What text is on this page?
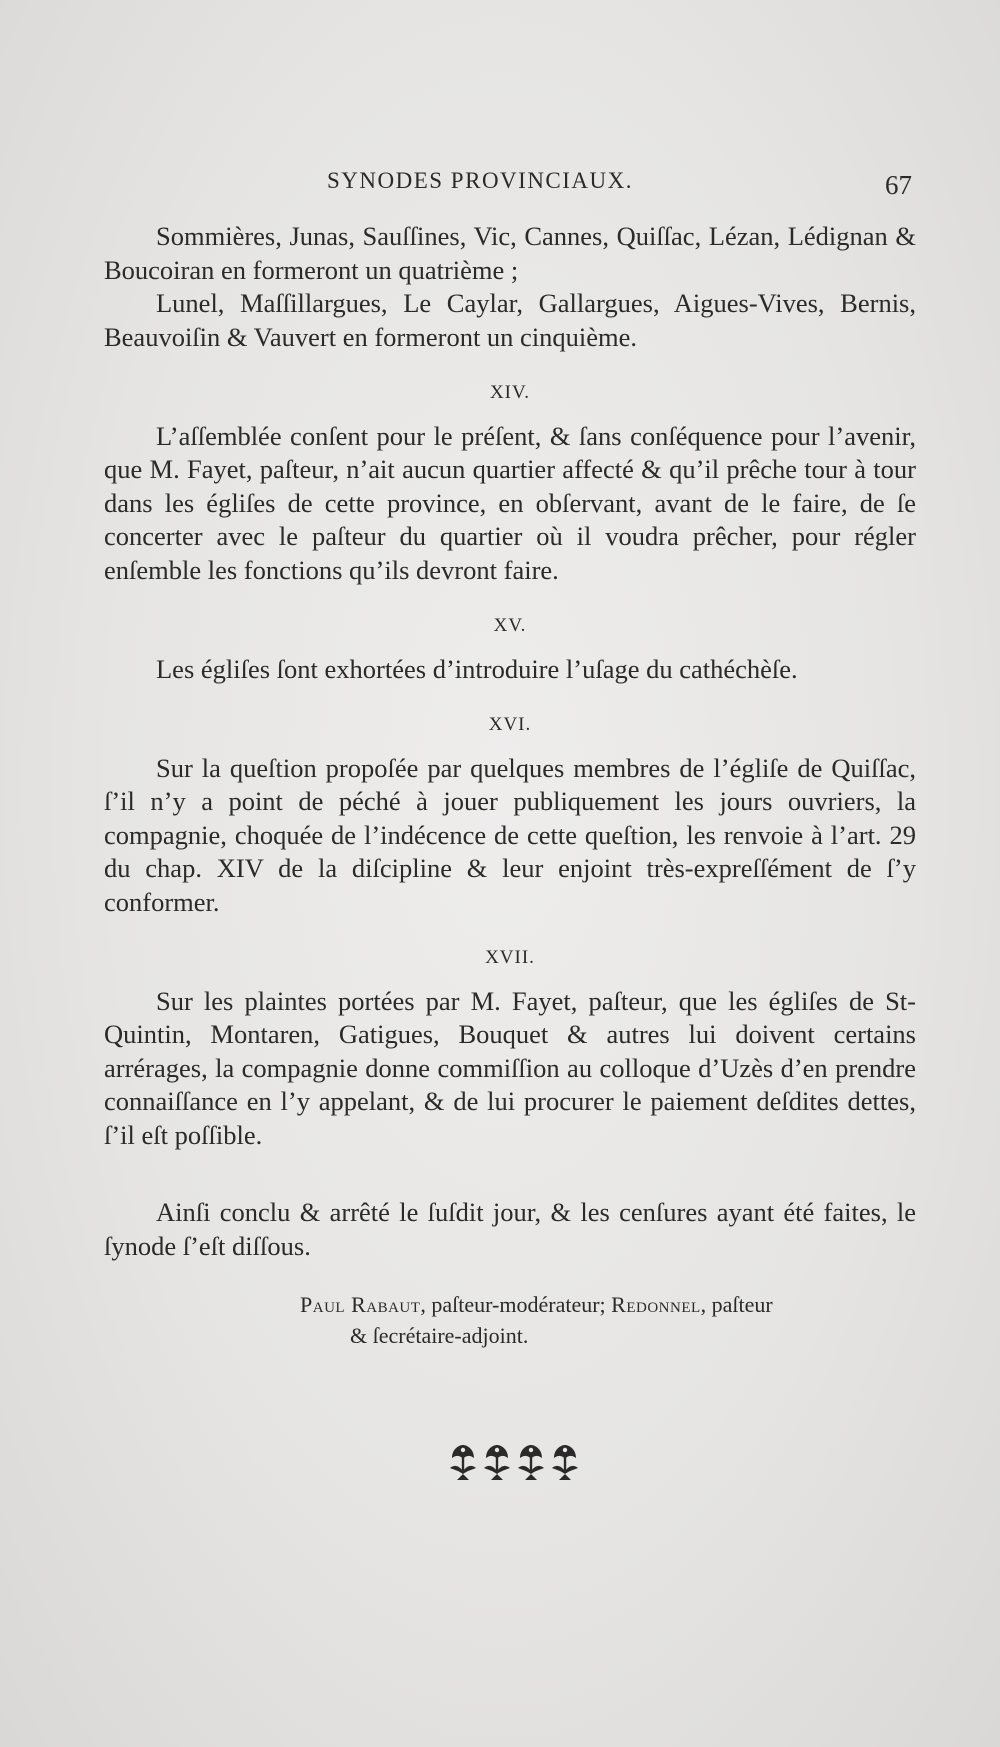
SYNODES PROVINCIAUX.	67

Sommières, Junas, Sauſſines, Vic, Cannes, Quiſſac, Lézan, Lédignan & Boucoiran en formeront un quatrième ;

Lunel, Maſſillargues, Le Caylar, Gallargues, Aigues-Vives, Bernis, Beauvoiſin & Vauvert en formeront un cinquième.

XIV.

L’aſſemblée conſent pour le préſent, & ſans conſéquence pour l’avenir, que M. Fayet, paſteur, n’ait aucun quartier affecté & qu’il prêche tour à tour dans les égliſes de cette province, en obſervant, avant de le faire, de ſe concerter avec le paſteur du quartier où il voudra prêcher, pour régler enſemble les fonctions qu’ils devront faire.

XV.

Les égliſes ſont exhortées d’introduire l’uſage du cathéchèſe.

XVI.

Sur la queſtion propoſée par quelques membres de l’égliſe de Quiſſac, ſ’il n’y a point de péché à jouer publiquement les jours ouvriers, la compagnie, choquée de l’indécence de cette queſtion, les renvoie à l’art. 29 du chap. XIV de la diſcipline & leur enjoint très-expreſſément de ſ’y conformer.

XVII.

Sur les plaintes portées par M. Fayet, paſteur, que les égliſes de St-Quintin, Montaren, Gatigues, Bouquet & autres lui doivent certains arrérages, la compagnie donne commiſſion au colloque d’Uzès d’en prendre connaiſſance en l’y appelant, & de lui procurer le paiement deſdites dettes, ſ’il eſt poſſible.

Ainſi conclu & arrêté le ſuſdit jour, & les cenſures ayant été faites, le ſynode ſ’eſt diſſous.

Paul Rabaut, paſteur-modérateur; Redonnel, paſteur
& ſecrétaire-adjoint.
